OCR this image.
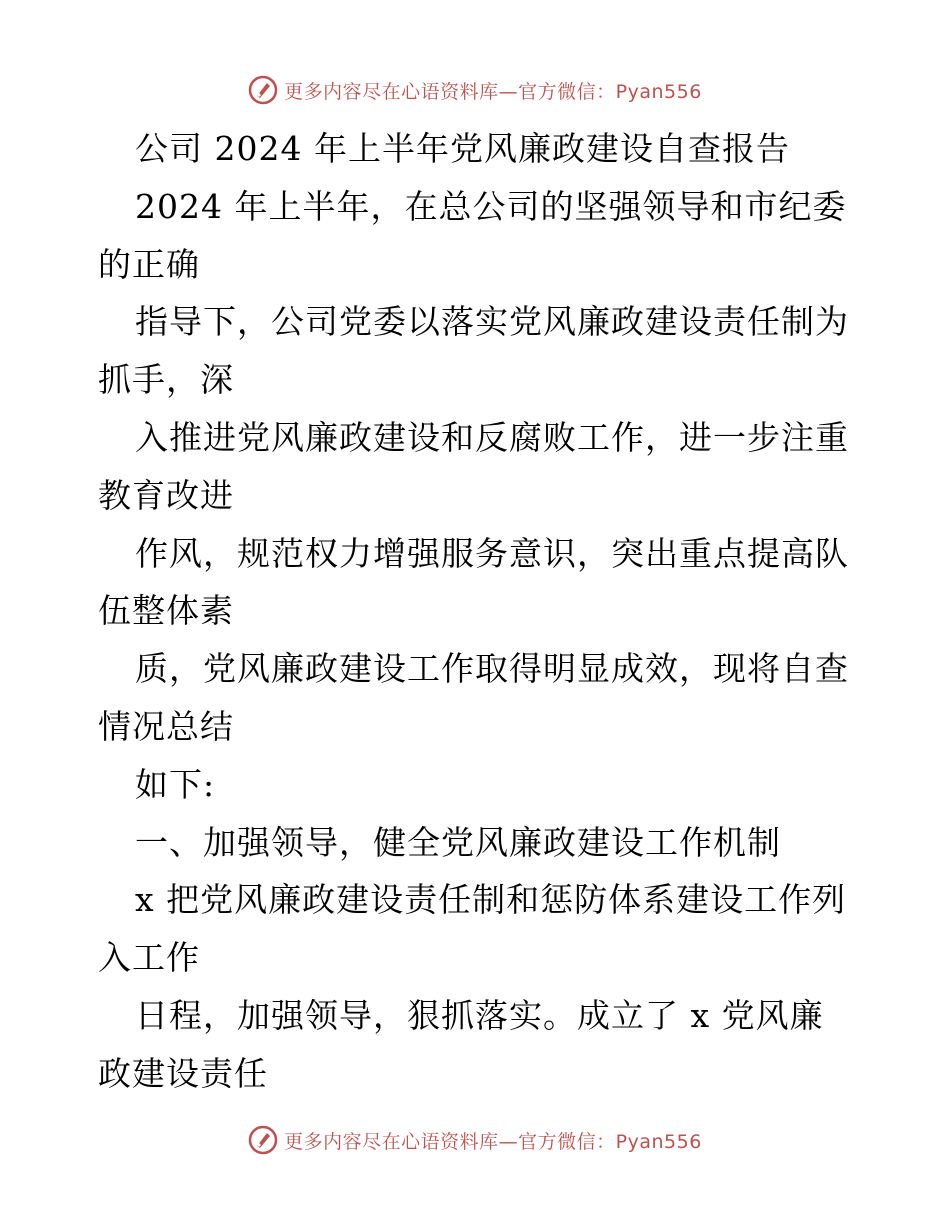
更多内容尽在心语资料库—官方微信：Pyan556
公司 2024 年上半年党风廉政建设自查报告
2024 年上半年，在总公司的坚强领导和市纪委
的正确
指导下，公司党委以落实党风廉政建设责任制为
抓手，深
入推进党风廉政建设和反腐败工作，进一步注重
教育改进
作风，规范权力增强服务意识，突出重点提高队
伍整体素
质，党风廉政建设工作取得明显成效，现将自查
情况总结
如下:
一、加强领导，健全党风廉政建设工作机制
x 把党风廉政建设责任制和惩防体系建设工作列
入工作
日程，加强领导，狠抓落实。成立了 x 党风廉
政建设责任
更多内容尽在心语资料库—官方微信：Pyan556
